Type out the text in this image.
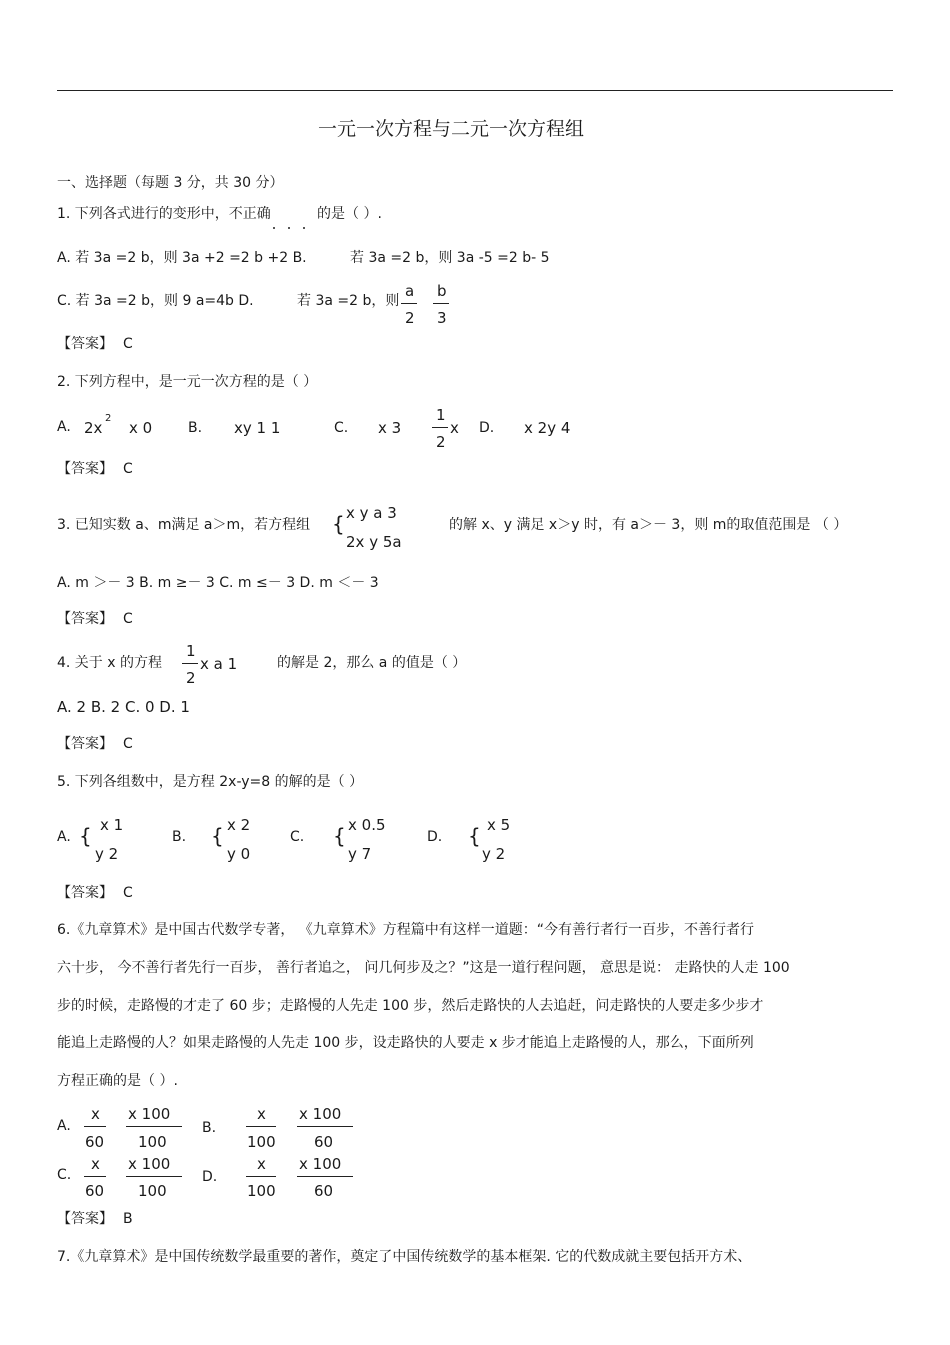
一元一次方程与二元一次方程组
一、选择题（每题 3 分，共 30 分）
1. 下列各式进行的变形中，不正确	的是（ ）.
A. 若 3a =2 b，则 3a +2 =2 b +2 B.	若 3a =2 b，则 3a -5 =2 b- 5
C. 若 3a =2 b，则 9 a=4b D.	若 3a =2 b，则
a
2
b
3
【答案】 C
2. 下列方程中，是一元一次方程的是（ ）
A. 2x
2
x 0	B. xy 1 1	C. x 3
1
2
x D. x 2y 4
【答案】 C
3. 已知实数 a、m满足 a＞m，若方程组 { x y a 3
2x y 5a
的解 x、y 满足 x＞y 时，有 a＞－ 3，则 m的取值范围是 （ ）
A. m ＞－ 3 B. m ≥－ 3 C. m ≤－ 3 D. m ＜－ 3
【答案】 C
4. 关于 x 的方程
1
2
x a 1	的解是 2，那么 a 的值是（ ）
A. 2 B. 2 C. 0 D. 1
【答案】 C
5. 下列各组数中，是方程 2x-y=8 的解的是（ ）
A. { x 1
y 2
B. { x 2
y 0
C. { x 0.5
y 7
D. { x 5
y 2
【答案】 C
6.《九章算术》是中国古代数学专著， 《九章算术》方程篇中有这样一道题：“今有善行者行一百步，不善行者行
六十步， 今不善行者先行一百步， 善行者追之， 问几何步及之？”这是一道行程问题， 意思是说： 走路快的人走 100
步的时候，走路慢的才走了 60 步；走路慢的人先走 100 步，然后走路快的人去追赶，问走路快的人要走多少步才
能追上走路慢的人？如果走路慢的人先走 100 步，设走路快的人要走 x 步才能追上走路慢的人，那么，下面所列
方程正确的是（ ）.
A.
x
60
x 100
100
B.
x
100
x 100
60
C.
x
60
x 100
100
D.
x
100
x 100
60
【答案】 B
7.《九章算术》是中国传统数学最重要的著作，奠定了中国传统数学的基本框架. 它的代数成就主要包括开方术、
